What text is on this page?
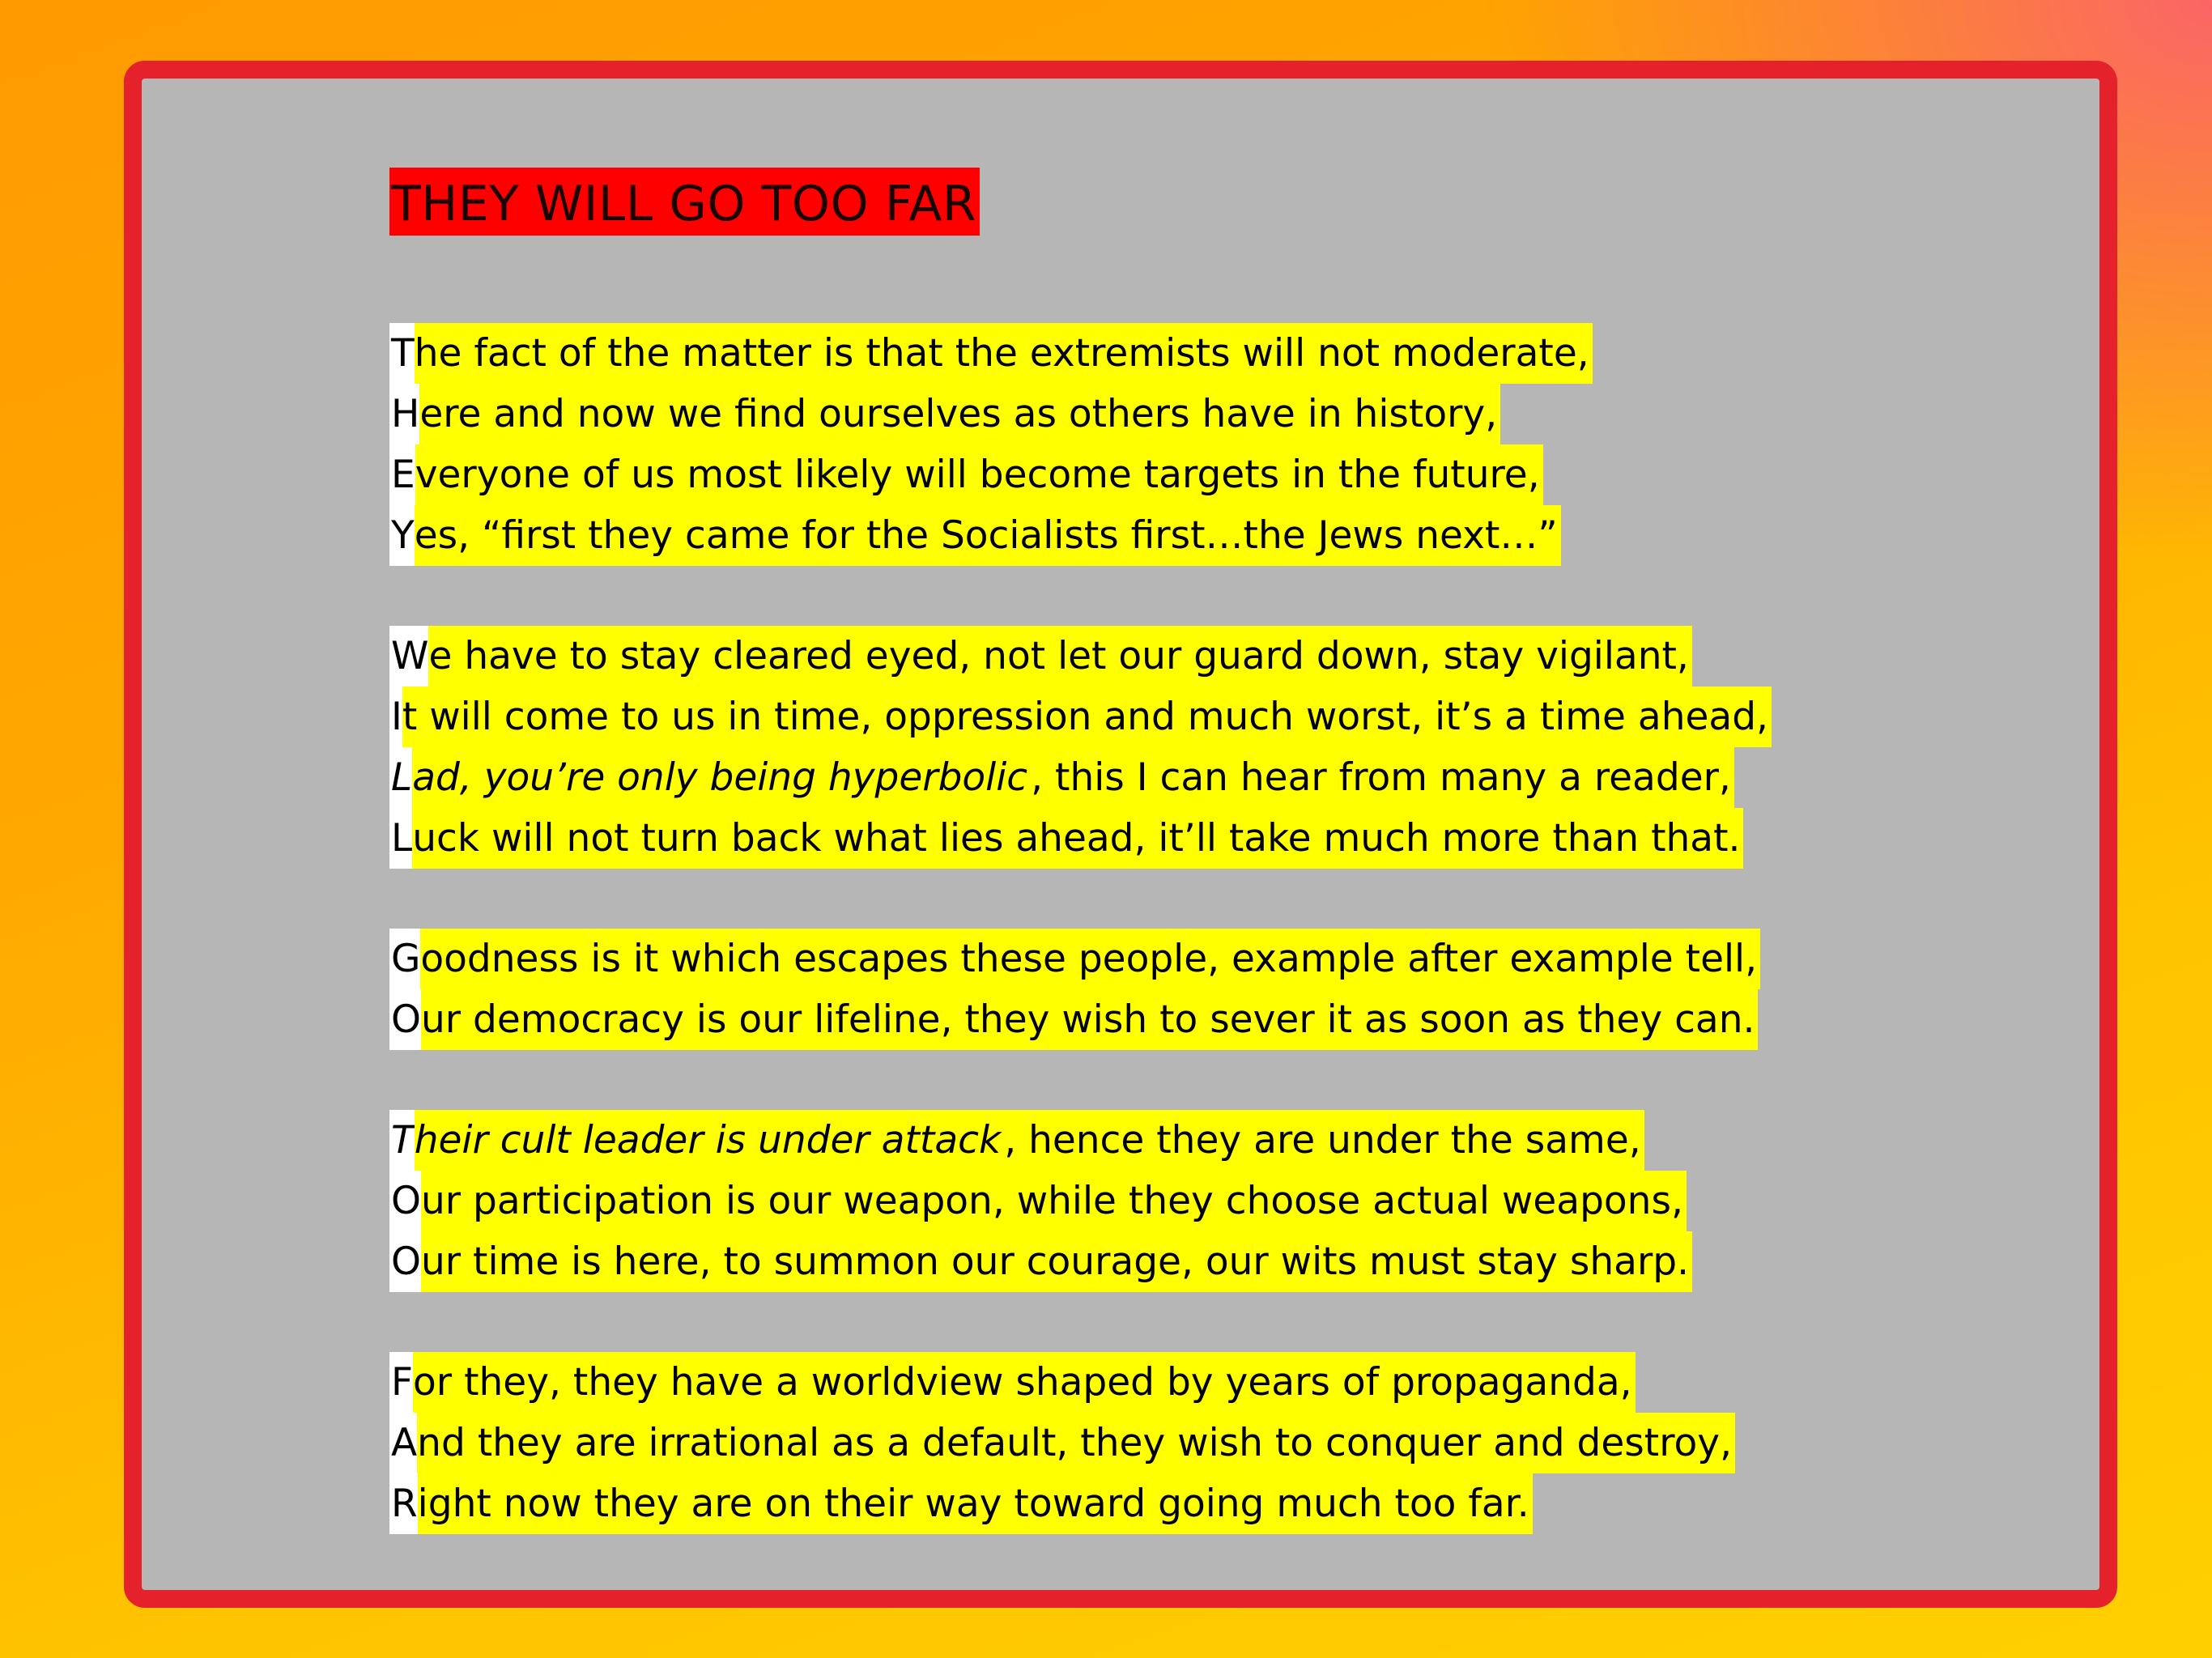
THEY WILL GO TOO FAR
The fact of the matter is that the extremists will not moderate,
Here and now we find ourselves as others have in history,
Everyone of us most likely will become targets in the future,
Yes, “first they came for the Socialists first…the Jews next…”
We have to stay cleared eyed, not let our guard down, stay vigilant,
It will come to us in time, oppression and much worst, it’s a time ahead,
Lad, you’re only being hyperbolic, this I can hear from many a reader,
Luck will not turn back what lies ahead, it’ll take much more than that.
Goodness is it which escapes these people, example after example tell,
Our democracy is our lifeline, they wish to sever it as soon as they can.
Their cult leader is under attack, hence they are under the same,
Our participation is our weapon, while they choose actual weapons,
Our time is here, to summon our courage, our wits must stay sharp.
For they, they have a worldview shaped by years of propaganda,
And they are irrational as a default, they wish to conquer and destroy,
Right now they are on their way toward going much too far.
